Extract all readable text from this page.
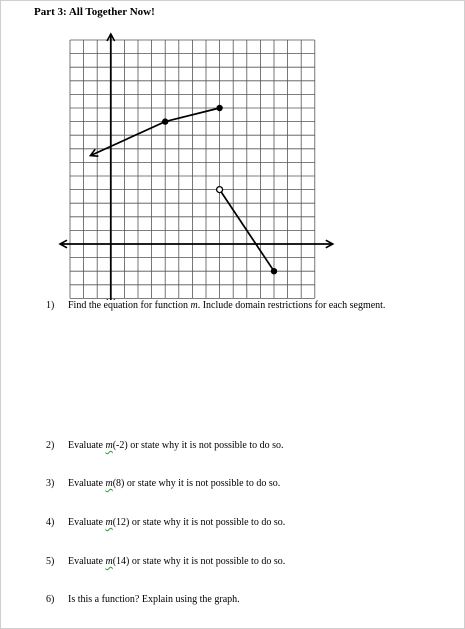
Part 3: All Together Now!
1) Find the equation for function m. Include domain restrictions for each segment.
2) Evaluate m(-2) or state why it is not possible to do so.
3) Evaluate m(8) or state why it is not possible to do so.
4) Evaluate m(12) or state why it is not possible to do so.
5) Evaluate m(14) or state why it is not possible to do so.
6) Is this a function? Explain using the graph.
